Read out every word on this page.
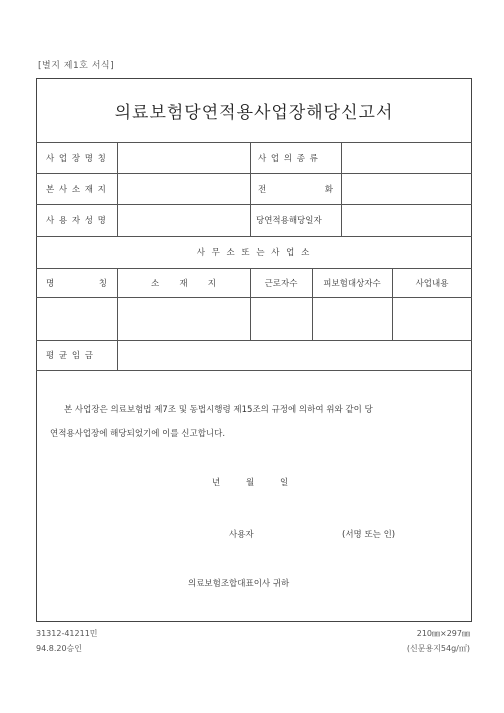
[별지 제1호 서식]
의료보험당연적용사업장해당신고서
사 업 장 명 칭	사 업 의 종 류
본 사 소 재 지	전	화
사 용 자 성 명	당연적용해당일자
사 무 소 또 는 사 업 소
명	칭	소 재 지	근로자수	피보험대상자수	사업내용
평 균 임 금
본 사업장은 의료보험법 제7조 및 동법시행령 제15조의 규정에 의하여 위와 같이 당
연적용사업장에 해당되었기에 이를 신고합니다.
년	월	일
사용자	(서명 또는 인)
의료보험조합대표이사 귀하
31312-41211민
94.8.20승인
210㎜×297㎜
(신문용지54g/㎡)
